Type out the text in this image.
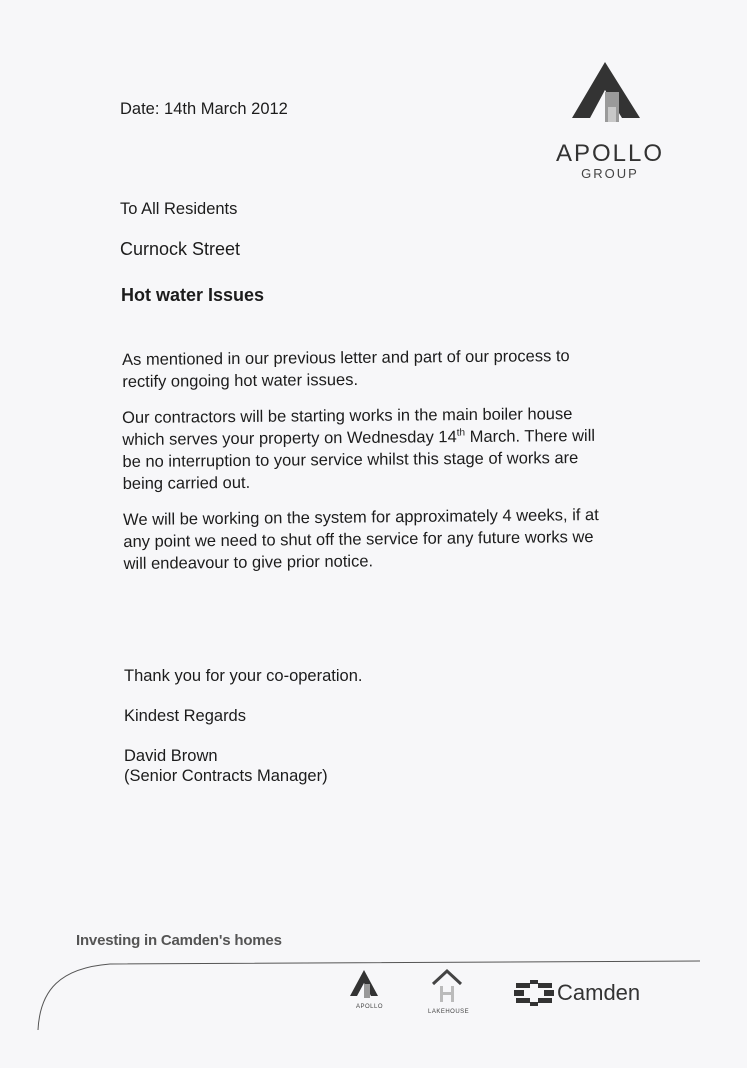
APOLLO
GROUP
Date: 14th March 2012
To All Residents
Curnock Street
Hot water Issues
As mentioned in our previous letter and part of our process to
rectify ongoing hot water issues.
Our contractors will be starting works in the main boiler house
which serves your property on Wednesday 14th March. There will
be no interruption to your service whilst this stage of works are
being carried out.
We will be working on the system for approximately 4 weeks, if at
any point we need to shut off the service for any future works we
will endeavour to give prior notice.
Thank you for your co-operation.
Kindest Regards
David Brown
(Senior Contracts Manager)
Investing in Camden's homes
APOLLO
LAKEHOUSE
Camden
